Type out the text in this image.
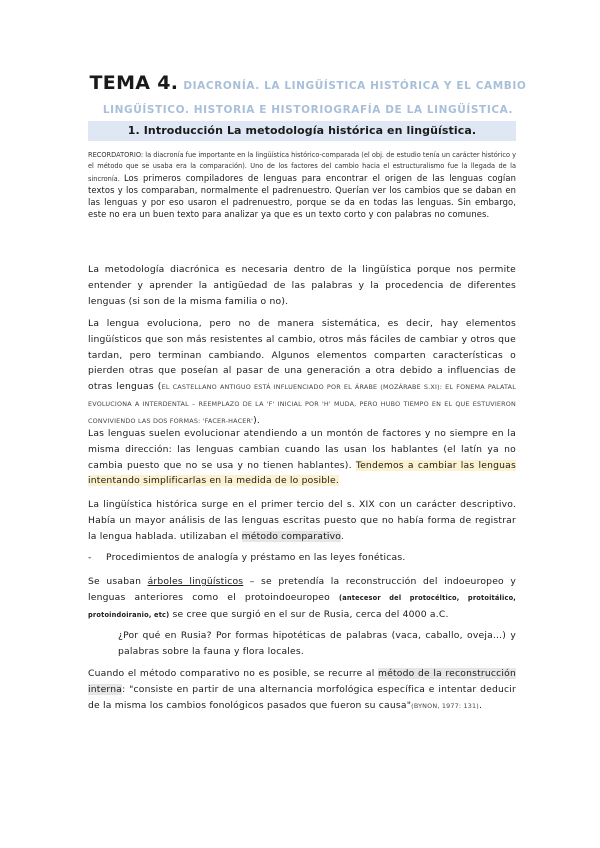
TEMA 4. DIACRONÍA. LA LINGÜÍSTICA HISTÓRICA Y EL CAMBIO
LINGÜÍSTICO. HISTORIA E HISTORIOGRAFÍA DE LA LINGÜÍSTICA.
1. Introducción La metodología histórica en lingüística.
RECORDATORIO: la diacronía fue importante en la lingüística histórico-comparada (el obj. de estudio tenía un carácter histórico y el método que se usaba era la comparación). Uno de los factores del cambio hacia el estructuralismo fue la llegada de la sincronía. Los primeros compiladores de lenguas para encontrar el origen de las lenguas cogían textos y los comparaban, normalmente el padrenuestro. Querían ver los cambios que se daban en las lenguas y por eso usaron el padrenuestro, porque se da en todas las lenguas. Sin embargo, este no era un buen texto para analizar ya que es un texto corto y con palabras no comunes.
La metodología diacrónica es necesaria dentro de la lingüística porque nos permite entender y aprender la antigüedad de las palabras y la procedencia de diferentes lenguas (si son de la misma familia o no).
La lengua evoluciona, pero no de manera sistemática, es decir, hay elementos lingüísticos que son más resistentes al cambio, otros más fáciles de cambiar y otros que tardan, pero terminan cambiando. Algunos elementos comparten características o pierden otras que poseían al pasar de una generación a otra debido a influencias de otras lenguas (EL CASTELLANO ANTIGUO ESTÁ INFLUENCIADO POR EL ÁRABE (MOZÁRABE S.XI): EL FONEMA PALATAL EVOLUCIONA A INTERDENTAL – REEMPLAZO DE LA 'F' INICIAL POR 'H' MUDA, PERO HUBO TIEMPO EN EL QUE ESTUVIERON CONVIVIENDO LAS DOS FORMAS: 'FACER-HACER').
Las lenguas suelen evolucionar atendiendo a un montón de factores y no siempre en la misma dirección: las lenguas cambian cuando las usan los hablantes (el latín ya no cambia puesto que no se usa y no tienen hablantes). Tendemos a cambiar las lenguas intentando simplificarlas en la medida de lo posible.
La lingüística histórica surge en el primer tercio del s. XIX con un carácter descriptivo. Había un mayor análisis de las lenguas escritas puesto que no había forma de registrar la lengua hablada. utilizaban el método comparativo.
-	Procedimientos de analogía y préstamo en las leyes fonéticas.
Se usaban árboles lingüísticos – se pretendía la reconstrucción del indoeuropeo y lenguas anteriores como el protoindoeuropeo (antecesor del protocéltico, protoitálico, protoindoiranio, etc) se cree que surgió en el sur de Rusia, cerca del 4000 a.C.
¿Por qué en Rusia? Por formas hipotéticas de palabras (vaca, caballo, oveja…) y palabras sobre la fauna y flora locales.
Cuando el método comparativo no es posible, se recurre al método de la reconstrucción interna: "consiste en partir de una alternancia morfológica específica e intentar deducir de la misma los cambios fonológicos pasados que fueron su causa"(BYNON, 1977: 131).
